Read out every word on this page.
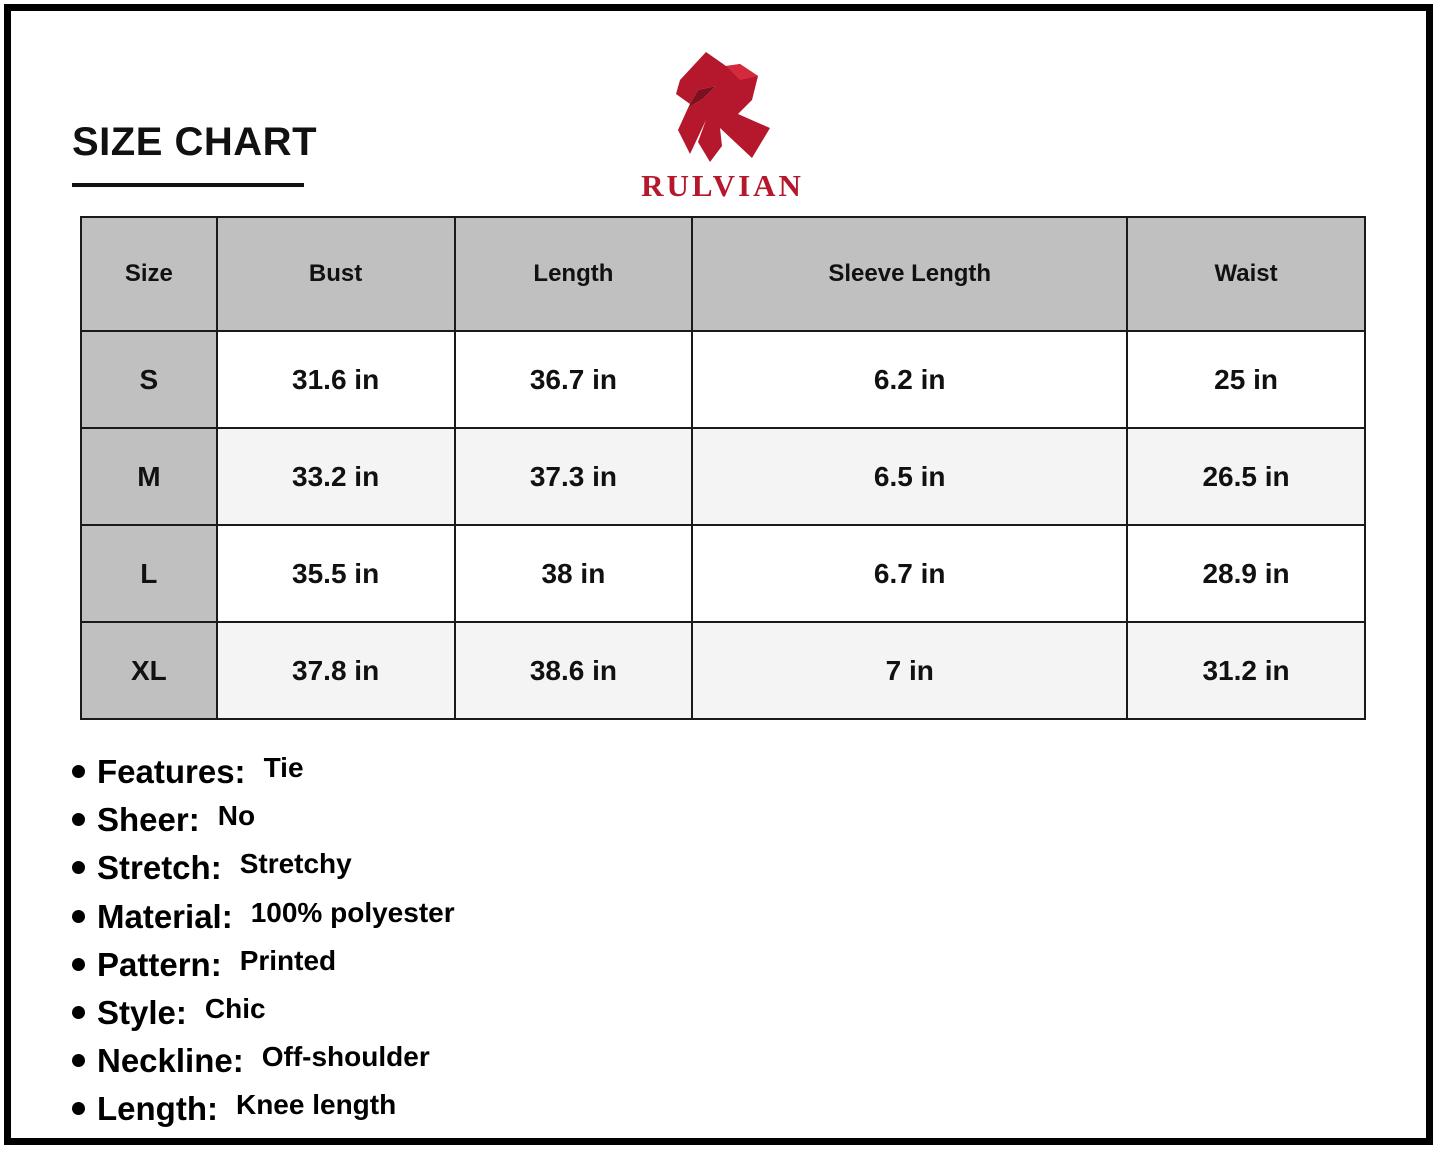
SIZE CHART
RULVIAN
Size	Bust	Length	Sleeve Length	Waist
S	31.6 in	36.7 in	6.2 in	25 in
M	33.2 in	37.3 in	6.5 in	26.5 in
L	35.5 in	38 in	6.7 in	28.9 in
XL	37.8 in	38.6 in	7 in	31.2 in
Features: Tie
Sheer: No
Stretch: Stretchy
Material: 100% polyester
Pattern: Printed
Style: Chic
Neckline: Off-shoulder
Length: Knee length
